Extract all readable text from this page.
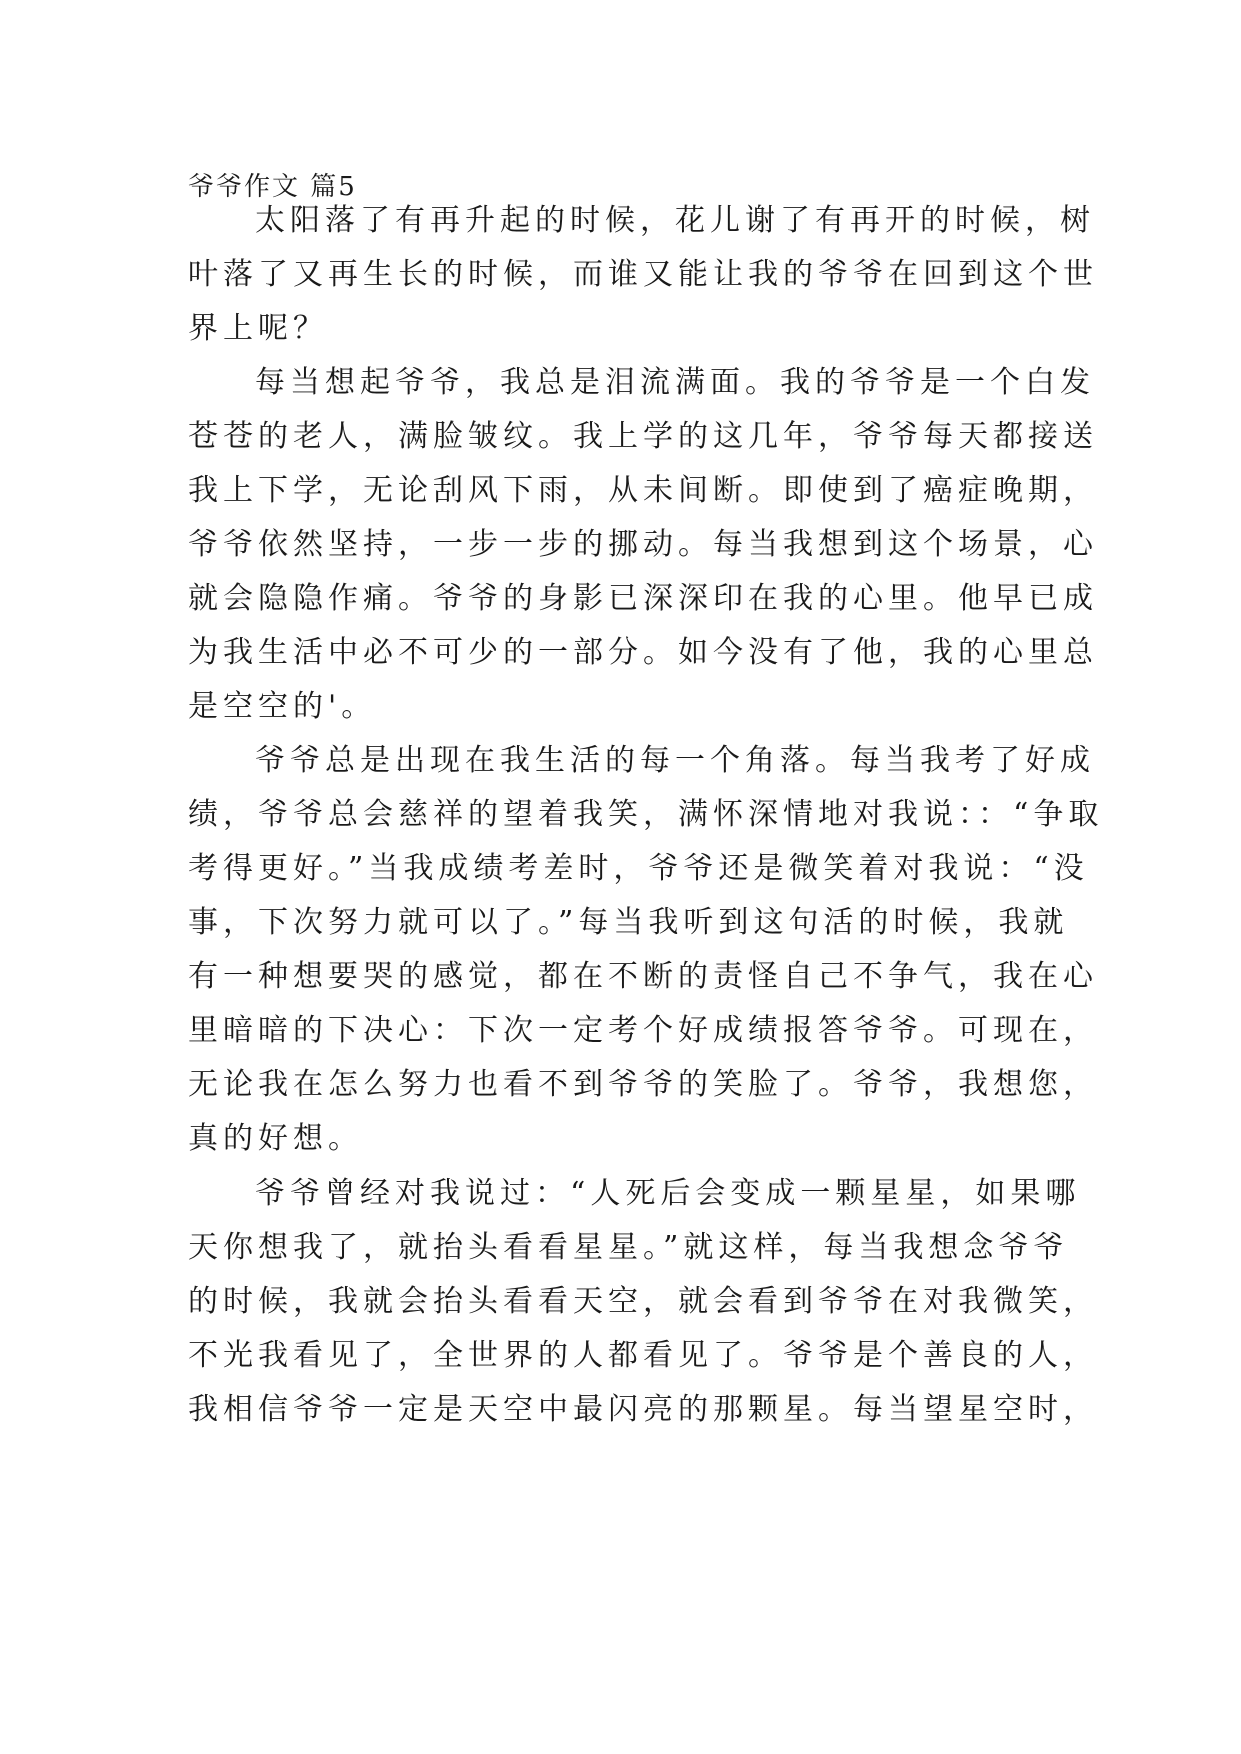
爷爷作文 篇5
太阳落了有再升起的时候，花儿谢了有再开的时候，树
叶落了又再生长的时候，而谁又能让我的爷爷在回到这个世
界上呢？
每当想起爷爷，我总是泪流满面。我的爷爷是一个白发
苍苍的老人，满脸皱纹。我上学的这几年，爷爷每天都接送
我上下学，无论刮风下雨，从未间断。即使到了癌症晚期，
爷爷依然坚持，一步一步的挪动。每当我想到这个场景，心
就会隐隐作痛。爷爷的身影已深深印在我的心里。他早已成
为我生活中必不可少的一部分。如今没有了他，我的心里总
是空空的'。
爷爷总是出现在我生活的每一个角落。每当我考了好成
绩，爷爷总会慈祥的望着我笑，满怀深情地对我说：：“争取
考得更好。”当我成绩考差时，爷爷还是微笑着对我说：“没
事，下次努力就可以了。”每当我听到这句活的时候，我就
有一种想要哭的感觉，都在不断的责怪自己不争气，我在心
里暗暗的下决心：下次一定考个好成绩报答爷爷。可现在，
无论我在怎么努力也看不到爷爷的笑脸了。爷爷，我想您，
真的好想。
爷爷曾经对我说过：“人死后会变成一颗星星，如果哪
天你想我了，就抬头看看星星。”就这样，每当我想念爷爷
的时候，我就会抬头看看天空，就会看到爷爷在对我微笑，
不光我看见了，全世界的人都看见了。爷爷是个善良的人，
我相信爷爷一定是天空中最闪亮的那颗星。每当望星空时，
